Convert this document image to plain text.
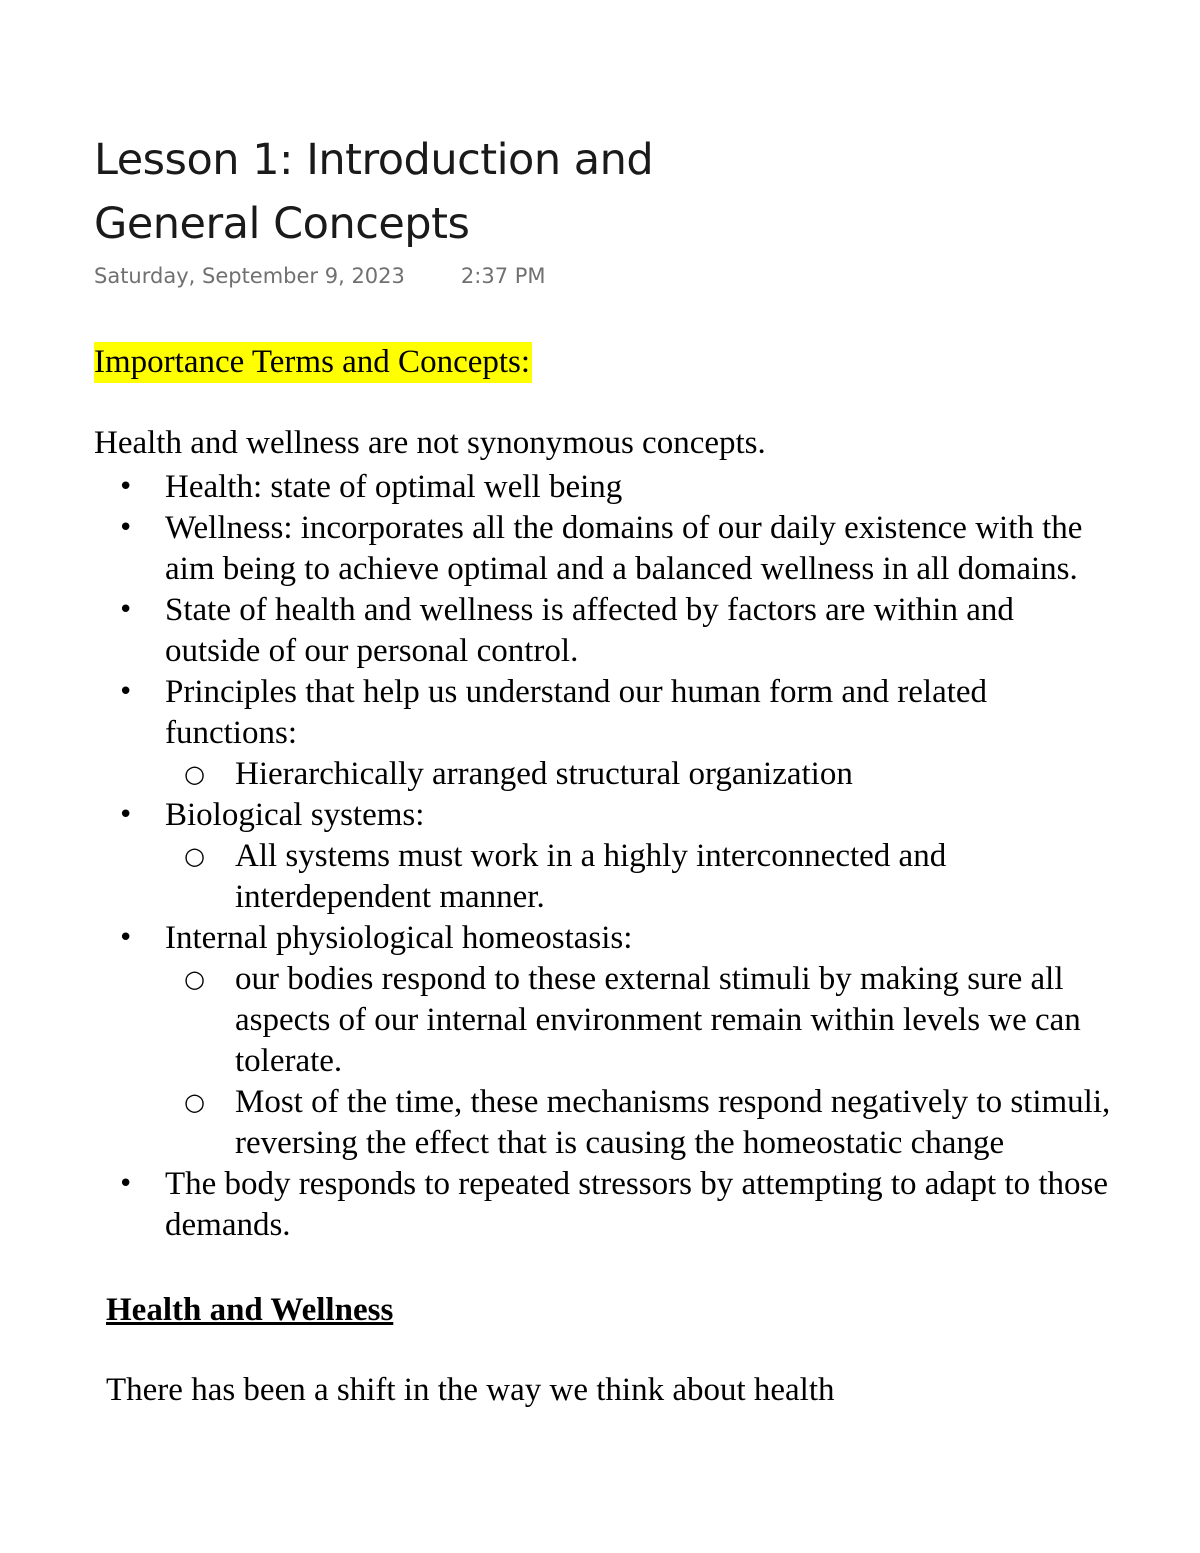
Lesson 1: Introduction and
General Concepts
Saturday, September 9, 2023	2:37 PM
Importance Terms and Concepts:
Health and wellness are not synonymous concepts.
• Health: state of optimal well being
• Wellness: incorporates all the domains of our daily existence with the
aim being to achieve optimal and a balanced wellness in all domains.
• State of health and wellness is affected by factors are within and
outside of our personal control.
• Principles that help us understand our human form and related
functions:
○ Hierarchically arranged structural organization
• Biological systems:
○ All systems must work in a highly interconnected and
interdependent manner.
• Internal physiological homeostasis:
○ our bodies respond to these external stimuli by making sure all
aspects of our internal environment remain within levels we can
tolerate.
○ Most of the time, these mechanisms respond negatively to stimuli,
reversing the effect that is causing the homeostatic change
• The body responds to repeated stressors by attempting to adapt to those
demands.
Health and Wellness
There has been a shift in the way we think about health
